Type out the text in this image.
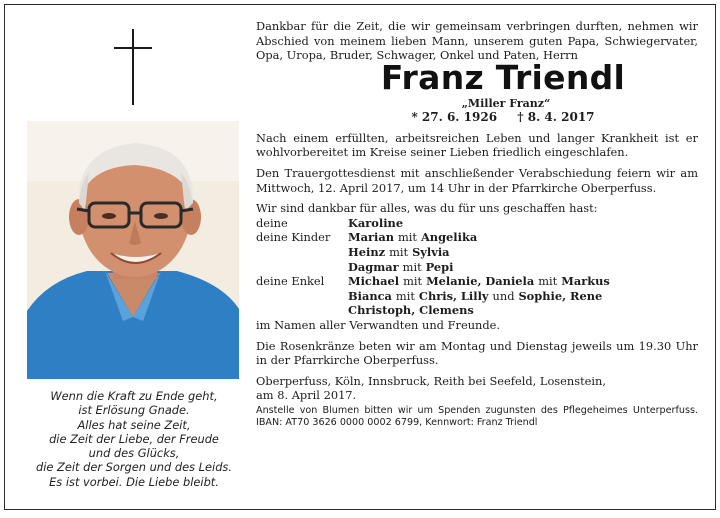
Wenn die Kraft zu Ende geht,
ist Erlösung Gnade.
Alles hat seine Zeit,
die Zeit der Liebe, der Freude
und des Glücks,
die Zeit der Sorgen und des Leids.
Es ist vorbei. Die Liebe bleibt.
Dankbar für die Zeit, die wir gemeinsam verbringen durften, nehmen wir Abschied von meinem lieben Mann, unserem guten Papa, Schwiegervater, Opa, Uropa, Bruder, Schwager, Onkel und Paten, Herrn
Franz Triendl
„Miller Franz“
* 27. 6. 1926 † 8. 4. 2017
Nach einem erfüllten, arbeitsreichen Leben und langer Krankheit ist er wohlvorbereitet im Kreise seiner Lieben friedlich eingeschlafen.
Den Trauergottesdienst mit anschließender Verabschiedung feiern wir am Mittwoch, 12. April 2017, um 14 Uhr in der Pfarrkirche Oberperfuss.
Wir sind dankbar für alles, was du für uns geschaffen hast:
deine	Karoline
deine Kinder	Marian mit Angelika
Heinz mit Sylvia
Dagmar mit Pepi
deine Enkel	Michael mit Melanie, Daniela mit Markus
Bianca mit Chris, Lilly und Sophie, Rene
Christoph, Clemens
im Namen aller Verwandten und Freunde.
Die Rosenkränze beten wir am Montag und Dienstag jeweils um 19.30 Uhr in der Pfarrkirche Oberperfuss.
Oberperfuss, Köln, Innsbruck, Reith bei Seefeld, Losenstein,
am 8. April 2017.
Anstelle von Blumen bitten wir um Spenden zugunsten des Pflegeheimes Unterperfuss. IBAN: AT70 3626 0000 0002 6799, Kennwort: Franz Triendl
